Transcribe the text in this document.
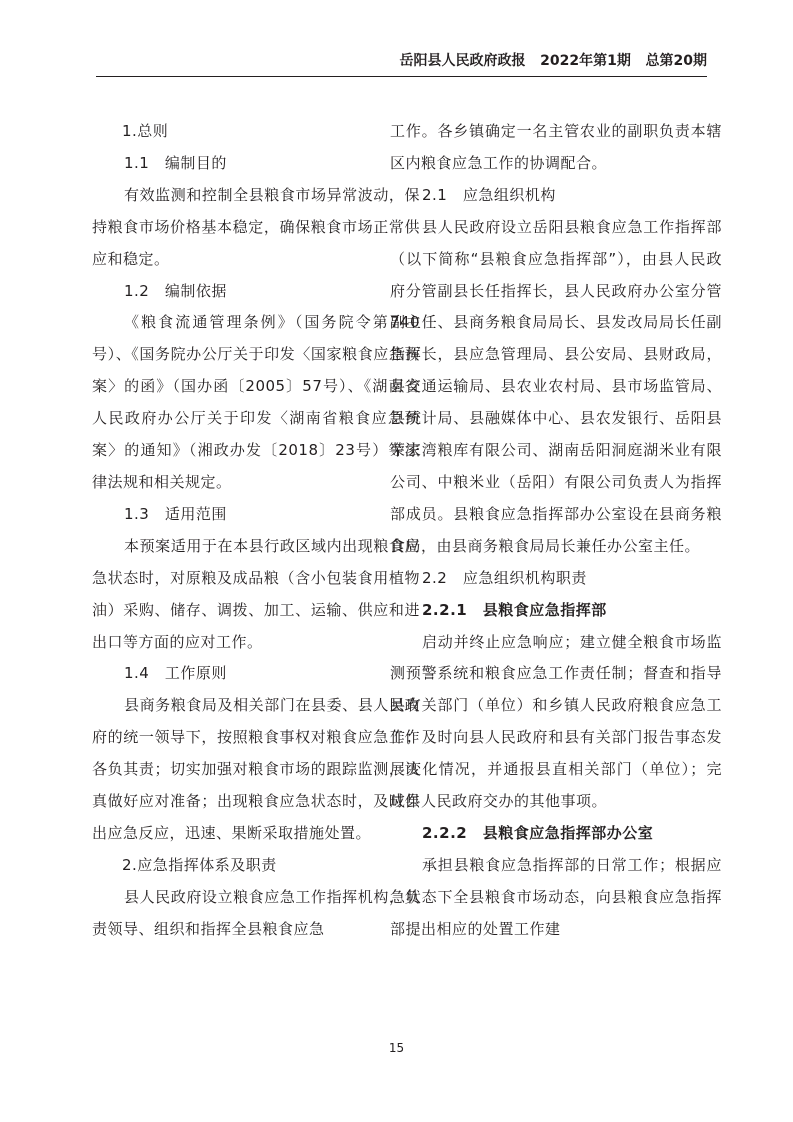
岳阳县人民政府政报 2022年第1期 总第20期

1.总则

1.1　编制目的

有效监测和控制全县粮食市场异常波动，保持粮食市场价格基本稳定，确保粮食市场正常供应和稳定。

1.2　编制依据

《粮食流通管理条例》（国务院令第740号）、《国务院办公厅关于印发〈国家粮食应急预案〉的函》（国办函〔2005〕57号）、《湖南省人民政府办公厅关于印发〈湖南省粮食应急预案〉的通知》（湘政办发〔2018〕23号）等法律法规和相关规定。

1.3　适用范围

本预案适用于在本县行政区域内出现粮食应急状态时，对原粮及成品粮（含小包装食用植物油）采购、储存、调拨、加工、运输、供应和进出口等方面的应对工作。

1.4　工作原则

县商务粮食局及相关部门在县委、县人民政府的统一领导下，按照粮食事权对粮食应急工作各负其责；切实加强对粮食市场的跟踪监测，认真做好应对准备；出现粮食应急状态时，及时作出应急反应，迅速、果断采取措施处置。

2.应急指挥体系及职责

县人民政府设立粮食应急工作指挥机构，负责领导、组织和指挥全县粮食应急

工作。各乡镇确定一名主管农业的副职负责本辖区内粮食应急工作的协调配合。

2.1　应急组织机构

县人民政府设立岳阳县粮食应急工作指挥部（以下简称“县粮食应急指挥部”），由县人民政府分管副县长任指挥长，县人民政府办公室分管副主任、县商务粮食局局长、县发改局局长任副指挥长，县应急管理局、县公安局、县财政局，县交通运输局、县农业农村局、县市场监管局、县统计局、县融媒体中心、县农发银行、岳阳县荣家湾粮库有限公司、湖南岳阳洞庭湖米业有限公司、中粮米业（岳阳）有限公司负责人为指挥部成员。县粮食应急指挥部办公室设在县商务粮食局，由县商务粮食局局长兼任办公室主任。

2.2　应急组织机构职责

2.2.1　县粮食应急指挥部

启动并终止应急响应；建立健全粮食市场监测预警系统和粮食应急工作责任制；督查和指导县有关部门（单位）和乡镇人民政府粮食应急工作；及时向县人民政府和县有关部门报告事态发展变化情况，并通报县直相关部门（单位）；完成县人民政府交办的其他事项。

2.2.2　县粮食应急指挥部办公室

承担县粮食应急指挥部的日常工作；根据应急状态下全县粮食市场动态，向县粮食应急指挥部提出相应的处置工作建

15
